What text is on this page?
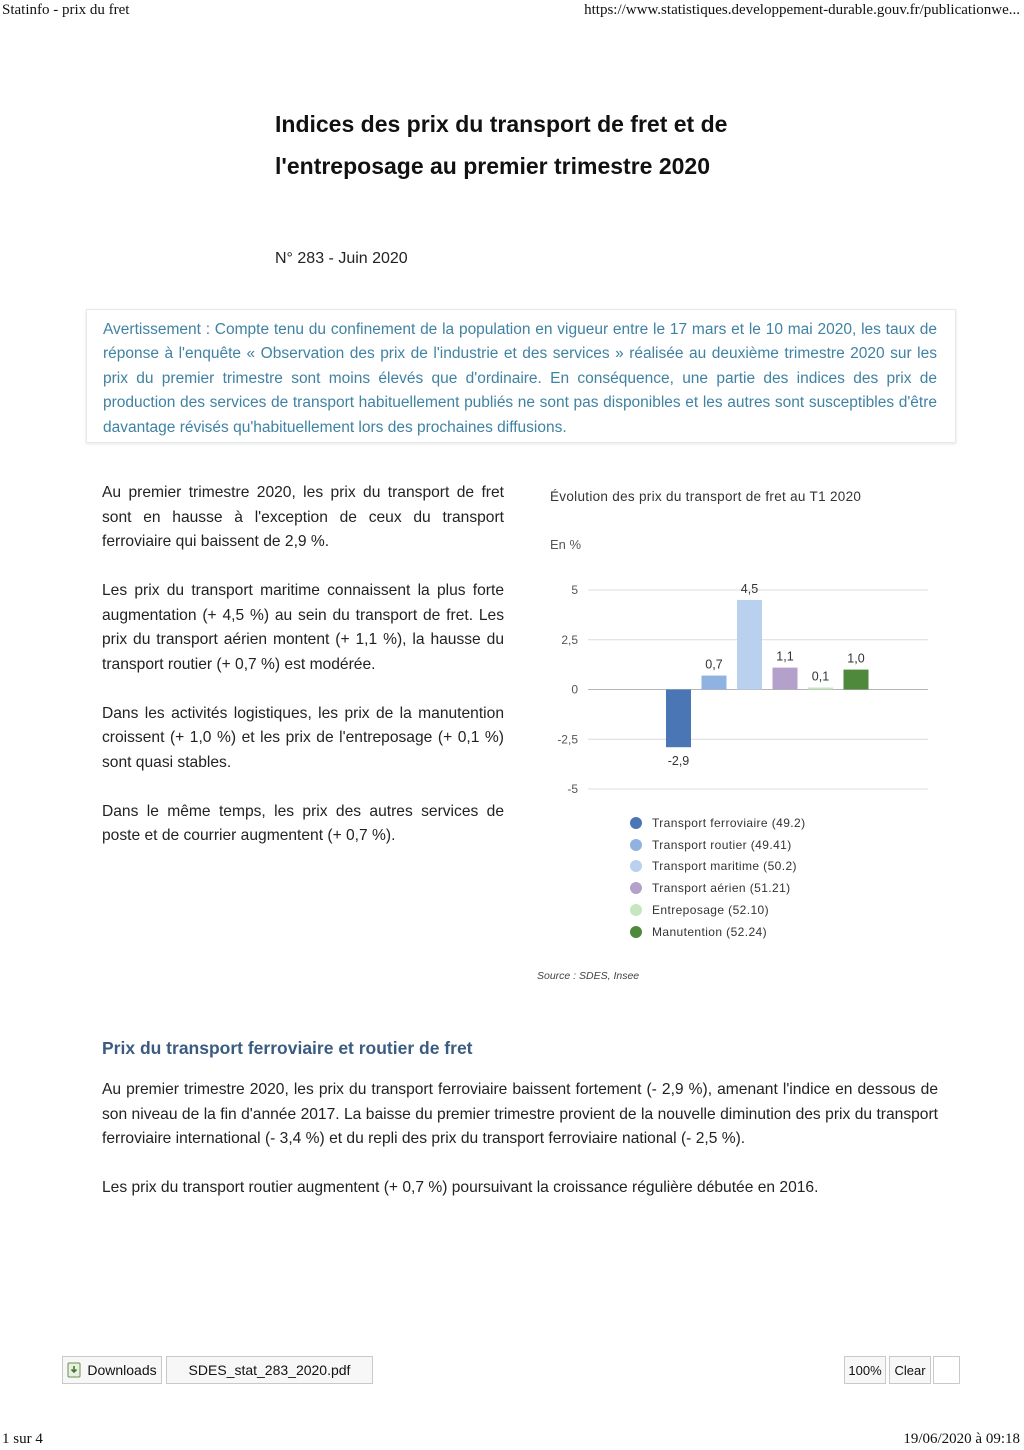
Statinfo - prix du fret	https://www.statistiques.developpement-durable.gouv.fr/publicationwe...
Indices des prix du transport de fret et de l'entreposage au premier trimestre 2020
N° 283 - Juin 2020

Avertissement : Compte tenu du confinement de la population en vigueur entre le 17 mars et le 10 mai 2020, les taux de réponse à l'enquête « Observation des prix de l'industrie et des services » réalisée au deuxième trimestre 2020 sur les prix du premier trimestre sont moins élevés que d'ordinaire. En conséquence, une partie des indices des prix de production des services de transport habituellement publiés ne sont pas disponibles et les autres sont susceptibles d'être davantage révisés qu'habituellement lors des prochaines diffusions.

Au premier trimestre 2020, les prix du transport de fret sont en hausse à l'exception de ceux du transport ferroviaire qui baissent de 2,9 %.

Les prix du transport maritime connaissent la plus forte augmentation (+ 4,5 %) au sein du transport de fret. Les prix du transport aérien montent (+ 1,1 %), la hausse du transport routier (+ 0,7 %) est modérée.

Dans les activités logistiques, les prix de la manutention croissent (+ 1,0 %) et les prix de l'entreposage (+ 0,1 %) sont quasi stables.

Dans le même temps, les prix des autres services de poste et de courrier augmentent (+ 0,7 %).

Évolution des prix du transport de fret au T1 2020
En %
5
2,5
0
-2,5
-5
-2,9
0,7
4,5
1,1
0,1
1,0
Transport ferroviaire (49.2)
Transport routier (49.41)
Transport maritime (50.2)
Transport aérien (51.21)
Entreposage (52.10)
Manutention (52.24)
Source : SDES, Insee
Prix du transport ferroviaire et routier de fret

Au premier trimestre 2020, les prix du transport ferroviaire baissent fortement (- 2,9 %), amenant l'indice en dessous de son niveau de la fin d'année 2017. La baisse du premier trimestre provient de la nouvelle diminution des prix du transport ferroviaire international (- 3,4 %) et du repli des prix du transport ferroviaire national (- 2,5 %).

Les prix du transport routier augmentent (+ 0,7 %) poursuivant la croissance régulière débutée en 2016.

Downloads	SDES_stat_283_2020.pdf	100% Clear
1 sur 4	19/06/2020 à 09:18
